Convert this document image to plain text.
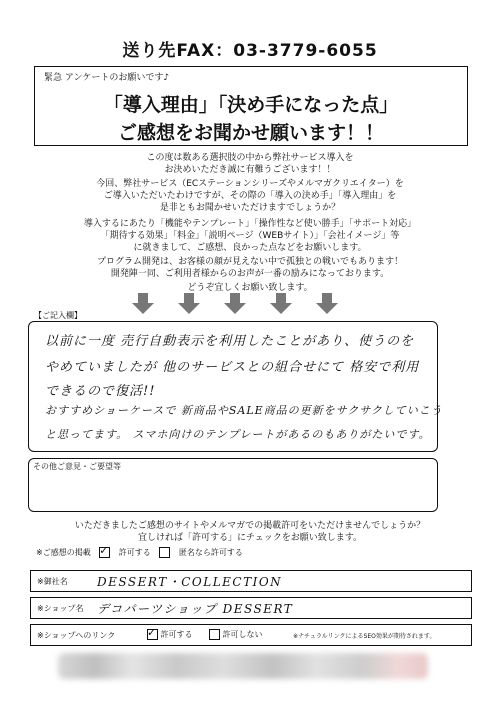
送り先FAX：03-3779-6055
緊急 アンケートのお願いです♪
「導入理由」「決め手になった点」
ご感想をお聞かせ願います！！
この度は数ある選択肢の中から弊社サービス導入を
お決めいただき誠に有難うございます！！
今回、弊社サービス（ECステーションシリーズやメルマガクリエイター）を
ご導入いただいたわけですが、その際の「導入の決め手」「導入理由」を
是非ともお聞かせいただけますでしょうか？
導入するにあたり「機能やテンプレート」「操作性など使い勝手」「サポート対応」
「期待する効果」「料金」「説明ページ（WEBサイト）」「会社イメージ」等
に就きまして、ご感想、良かった点などをお願いします。
プログラム開発は、お客様の顔が見えない中で孤独との戦いでもあります！
開発陣一同、ご利用者様からのお声が一番の励みになっております。
どうぞ宜しくお願い致します。
【ご記入欄】
以前に一度 売行自動表示を利用したことがあり、使うのを
やめていましたが 他のサービスとの組合せにて 格安で利用
できるので復活!!
おすすめショーケースで 新商品やSALE商品の更新をサクサクしていこう
と思ってます。 スマホ向けのテンプレートがあるのもありがたいです。
その他ご意見・ご要望等
いただきましたご感想のサイトやメルマガでの掲載許可をいただけませんでしょうか？
宜しければ「許可する」にチェックをお願い致します。
※ご感想の掲載 ✓ 許可する	匿名なら許可する
※御社名 DESSERT・COLLECTION
※ショップ名 デコパーツショップ DESSERT
※ショップへのリンク	✓ 許可する	許可しない	※ナチュラルリンクによるSEO効果が期待されます。
